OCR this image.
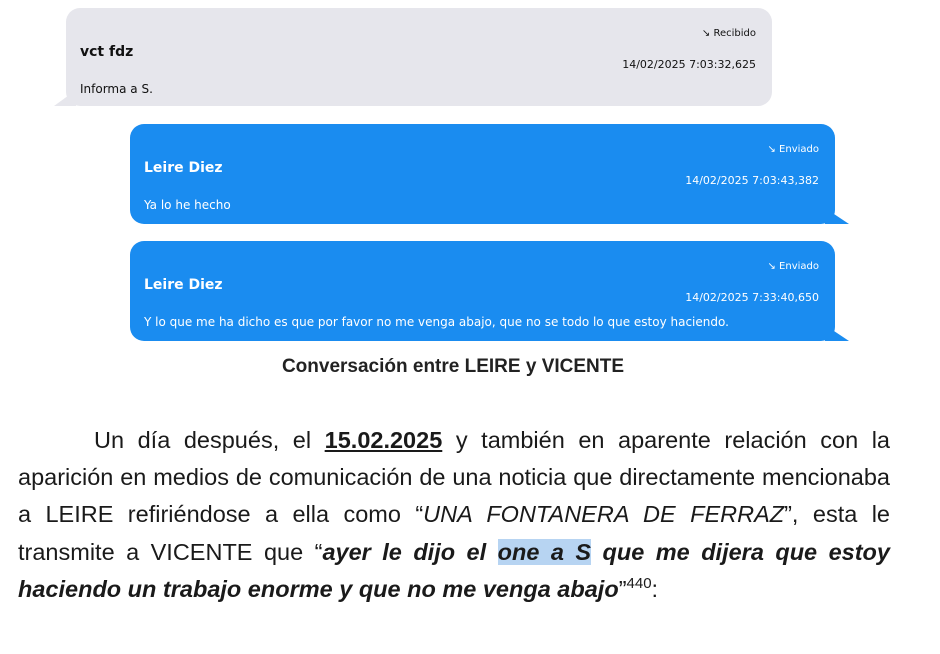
↘ Recibido
vct fdz
14/02/2025 7:03:32,625
Informa a S.
↘ Enviado
Leire Diez
14/02/2025 7:03:43,382
Ya lo he hecho
↘ Enviado
Leire Diez
14/02/2025 7:33:40,650
Y lo que me ha dicho es que por favor no me venga abajo, que no se todo lo que estoy haciendo.
Conversación entre LEIRE y VICENTE

Un día después, el 15.02.2025 y también en aparente relación con la aparición en medios de comunicación de una noticia que directamente mencionaba a LEIRE refiriéndose a ella como “UNA FONTANERA DE FERRAZ”, esta le transmite a VICENTE que “ayer le dijo el one a S que me dijera que estoy haciendo un trabajo enorme y que no me venga abajo”$^{440}$:
